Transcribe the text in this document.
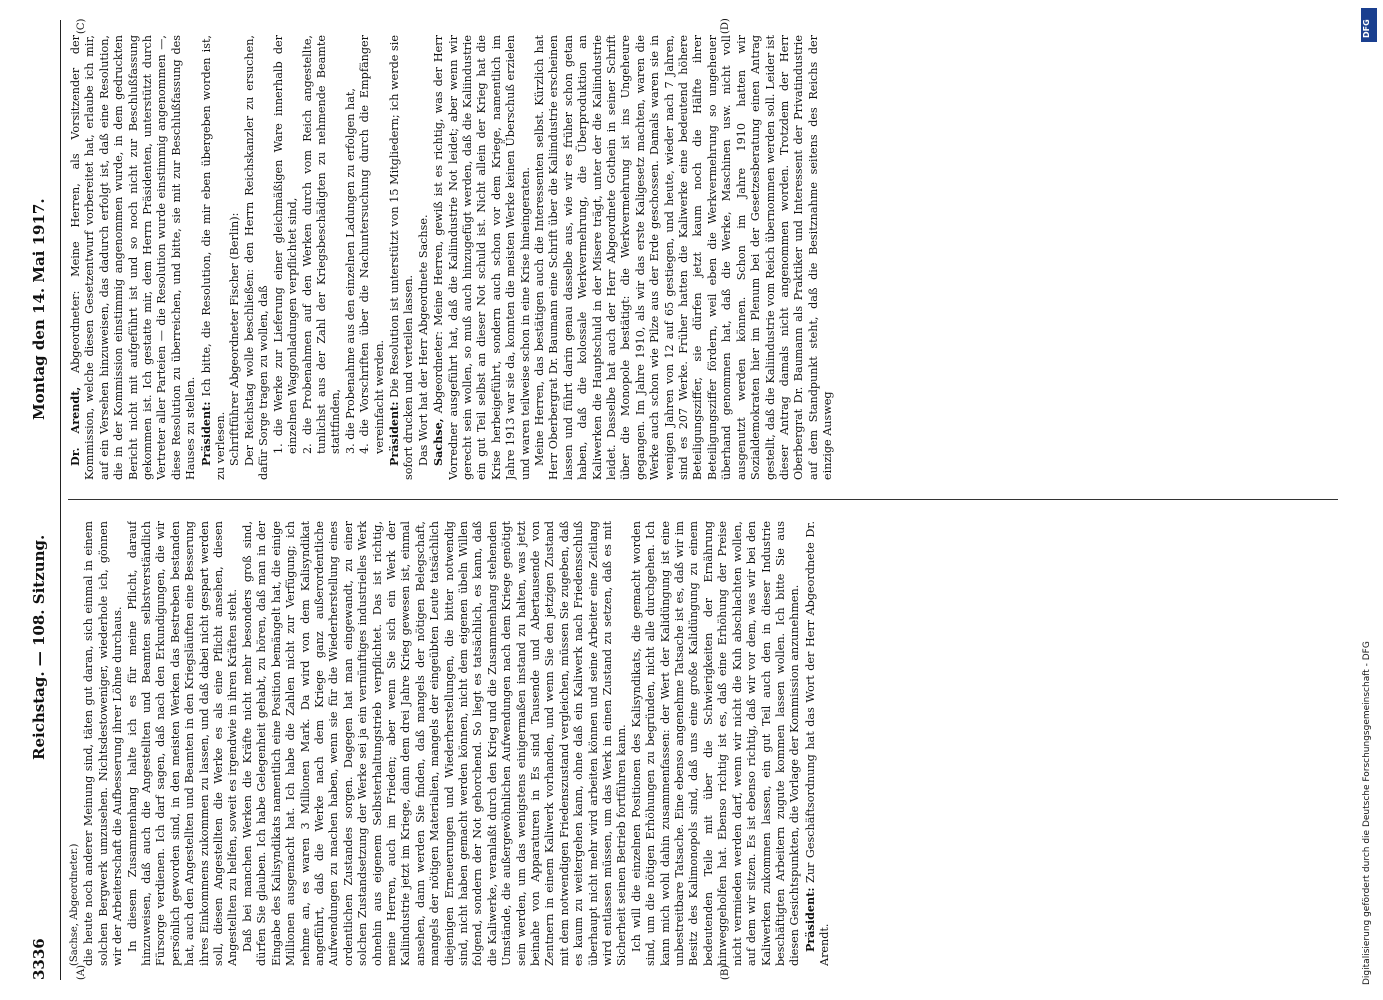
3336
Reichstag. — 108. Sitzung.
Montag den 14. Mai 1917.

(Sachse, Abgeordneter.) die heute noch anderer Meinung sind, täten gut daran, sich einmal in einem solchen Bergwerk umzusehen. Nichtsdestoweniger, wiederhole ich, gönnen wir der Arbeiterschaft die Aufbesserung ihrer Löhne durchaus. In diesem Zusammenhang halte ich es für meine Pflicht, darauf hinzuweisen, daß auch die Angestellten und Beamten selbstverständlich Fürsorge verdienen. Ich darf sagen, daß nach den Erkundigungen, die wir persönlich geworden sind, in den meisten Werken das Bestreben bestanden hat, auch den Angestellten und Beamten in den Kriegsläuften eine Besserung ihres Einkommens zukommen zu lassen, und daß dabei nicht gespart werden soll, diesen Angestellten die Werke es als eine Pflicht ansehen, diesen Angestellten zu helfen, soweit es irgendwie in ihren Kräften steht. Daß bei manchen Werken die Kräfte nicht mehr besonders groß sind, dürfen Sie glauben. Ich habe Gelegenheit gehabt, zu hören, daß man in der Eingabe des Kalisyndikats namentlich eine Position bemängelt hat, die einige Millionen ausgemacht hat. Ich habe die Zahlen nicht zur Verfügung; ich nehme an, es waren 3 Millionen Mark. Da wird von dem Kalisyndikat angeführt, daß die Werke nach dem Kriege ganz außerordentliche Aufwendungen zu machen haben, wenn sie für die Wiederherstellung eines ordentlichen Zustandes sorgen. Dagegen hat man eingewandt, zu einer solchen Zustandsetzung der Werke sei ja ein vernünftiges industrielles Werk ohnehin aus eigenem Selbsterhaltungstrieb verpflichtet. Das ist richtig, meine Herren, auch im Frieden; aber wenn Sie sich ein Werk der Kaliindustrie jetzt im Kriege, dann dem drei Jahre Krieg gewesen ist, einmal ansehen, dann werden Sie finden, daß mangels der nötigen Belegschaft, mangels der nötigen Materialien, mangels der eingeübten Leute tatsächlich diejenigen Erneuerungen und Wiederherstellungen, die bitter notwendig sind, nicht haben gemacht werden können, nicht dem eigenen übeln Willen folgend, sondern der Not gehorchend. So liegt es tatsächlich, es kann, daß die Kaliwerke, veranlaßt durch den Krieg und die Zusammenhang stehenden Umstände, die außergewöhnlichen Aufwendungen nach dem Kriege genötigt sein werden, um das wenigstens einigermaßen instand zu halten, was jetzt beinahe von Apparaturen in Es sind Tausende und Abertausende von Zentnern in einem Kaliwerk vorhanden, und wenn Sie den jetzigen Zustand mit dem notwendigen Friedenszustand vergleichen, müssen Sie zugeben, daß es kaum zu weitergehen kann, ohne daß ein Kaliwerk nach Friedensschluß überhaupt nicht mehr wird arbeiten können und seine Arbeiter eine Zeitlang wird entlassen müssen, um das Werk in einen Zustand zu setzen, daß es mit Sicherheit seinen Betrieb fortführen kann. Ich will die einzelnen Positionen des Kalisyndikats, die gemacht worden sind, um die nötigen Erhöhungen zu begründen, nicht alle durchgehen. Ich kann mich wohl dahin zusammenfassen: der Wert der Kalidüngung ist eine unbestreitbare Tatsache. Eine ebenso angenehme Tatsache ist es, daß wir im Besitz des Kalimonopols sind, daß uns eine große Kalidüngung zu einem bedeutenden Teile mit über die Schwierigkeiten der Ernährung hinweggeholfen hat. Ebenso richtig ist es, daß eine Erhöhung der Preise nicht vermieden werden darf, wenn wir nicht die Kuh abschlachten wollen, auf dem wir sitzen. Es ist ebenso richtig, daß wir vor dem, was wir bei den Kaliwerken zukommen lassen, ein gut Teil auch den in dieser Industrie beschäftigten Arbeitern zugute kommen lassen wollen. Ich bitte Sie aus diesen Gesichtspunkten, die Vorlage der Kommission anzunehmen. Präsident: Zur Geschäftsordnung hat das Wort der Herr Abgeordnete Dr. Arendt.

(A)	(B)

Dr. Arendt, Abgeordneter: Meine Herren, als Vorsitzender der Kommission, welche diesen Gesetzentwurf vorbereitet hat, erlaube ich mir, auf ein Versehen hinzuweisen, das dadurch erfolgt ist, daß eine Resolution, die in der Kommission einstimmig angenommen wurde, in dem gedruckten Bericht nicht mit aufgeführt ist und so noch nicht zur Beschlußfassung gekommen ist. Ich gestatte mir, dem Herrn Präsidenten, unterstützt durch Vertreter aller Parteien — die Resolution wurde einstimmig angenommen —, diese Resolution zu überreichen, und bitte, sie mit zur Beschlußfassung des Hauses zu stellen. Präsident: Ich bitte, die Resolution, die mir eben übergeben worden ist, zu verlesen. Schriftführer Abgeordneter Fischer (Berlin): Der Reichstag wolle beschließen: den Herrn Reichskanzler zu ersuchen, dafür Sorge tragen zu wollen, daß 1. die Werke zur Lieferung einer gleichmäßigen Ware innerhalb der einzelnen Waggonladungen verpflichtet sind, 2. die Probenahmen auf den Werken durch vom Reich angestellte, tunlichst aus der Zahl der Kriegsbeschädigten zu nehmende Beamte stattfinden, 3. die Probenahme aus den einzelnen Ladungen zu erfolgen hat, 4. die Vorschriften über die Nachuntersuchung durch die Empfänger vereinfacht werden. Präsident: Die Resolution ist unterstützt von 15 Mitgliedern; ich werde sie sofort drucken und verteilen lassen. Das Wort hat der Herr Abgeordnete Sachse. Sachse, Abgeordneter: Meine Herren, gewiß ist es richtig, was der Herr Vorredner ausgeführt hat, daß die Kaliindustrie Not leidet; aber wenn wir gerecht sein wollen, so muß auch hinzugefügt werden, daß die Kaliindustrie ein gut Teil selbst an dieser Not schuld ist. Nicht allein der Krieg hat die Krise herbeigeführt, sondern auch schon vor dem Kriege, namentlich im Jahre 1913 war sie da, konnten die meisten Werke keinen Überschuß erzielen und waren teilweise schon in eine Krise hineingeraten. Meine Herren, das bestätigen auch die Interessenten selbst. Kürzlich hat Herr Oberbergrat Dr. Baumann eine Schrift über die Kaliindustrie erscheinen lassen und führt darin genau dasselbe aus, wie wir es früher schon getan haben, daß die kolossale Werkvermehrung, die Überproduktion an Kaliwerken die Hauptschuld in der Misere trägt, unter der die Kaliindustrie leidet. Dasselbe hat auch der Herr Abgeordnete Gothein in seiner Schrift über die Monopole bestätigt: die Werkvermehrung ist ins Ungeheure gegangen. Im Jahre 1910, als wir das erste Kaligesetz machten, waren die Werke auch schon wie Pilze aus der Erde geschossen. Damals waren sie in wenigen Jahren von 12 auf 65 gestiegen, und heute, wieder nach 7 Jahren, sind es 207 Werke. Früher hatten die Kaliwerke eine bedeutend höhere Beteiligungsziffer, sie dürfen jetzt kaum noch die Hälfte ihrer Beteiligungsziffer fördern, weil eben die Werkvermehrung so ungeheuer überhand genommen hat, daß die Werke, Maschinen usw. nicht voll ausgenutzt werden können. Schon im Jahre 1910 hatten wir Sozialdemokraten hier im Plenum bei der Gesetzesberatung einen Antrag gestellt, daß die Kaliindustrie vom Reich übernommen werden soll. Leider ist dieser Antrag damals nicht angenommen worden. Trotzdem der Herr Oberbergrat Dr. Baumann als Praktiker und Interessent der Privatindustrie auf dem Standpunkt steht, daß die Besitznahme seitens des Reichs der einzige Ausweg

(C)	(D)	DFG
Digitalisierung gefördert durch die Deutsche Forschungsgemeinschaft - DFG
